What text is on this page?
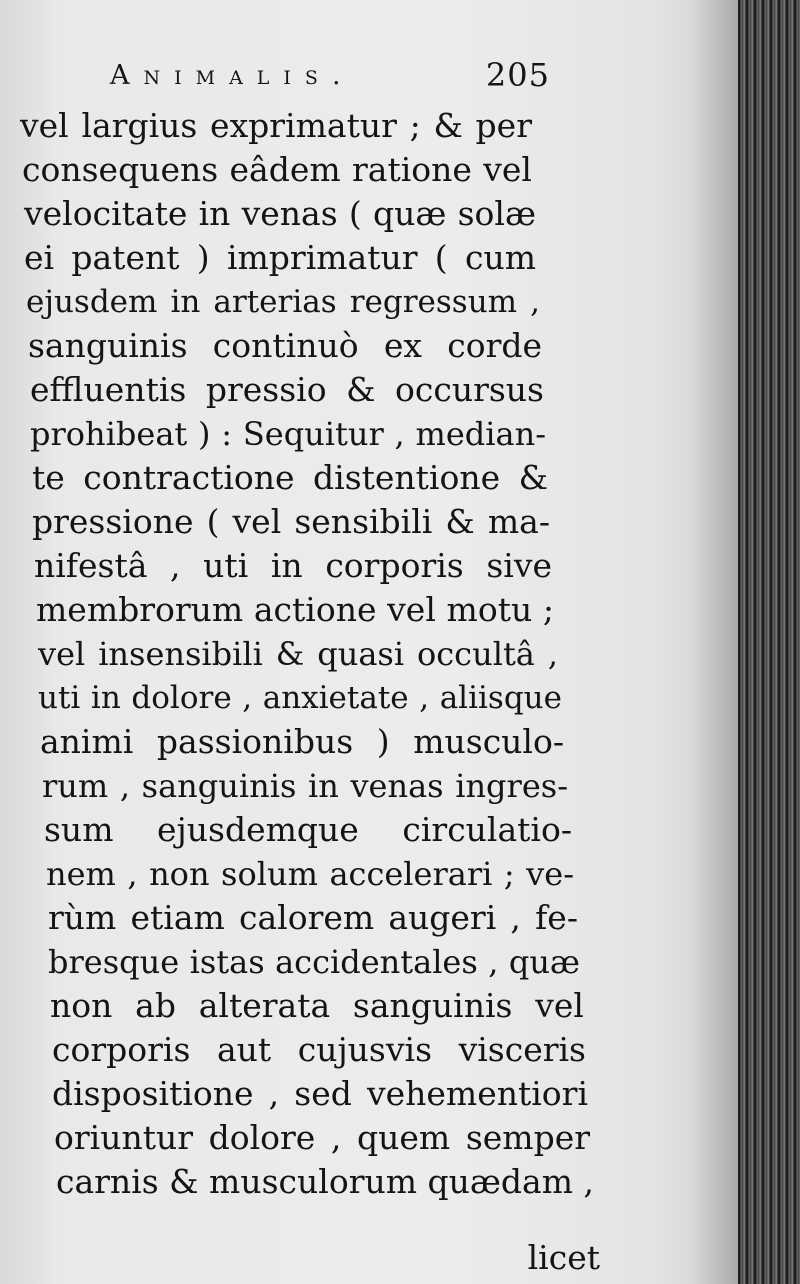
Animalis.	205
vel largius exprimatur ; & per
consequens eâdem ratione vel
velocitate in venas ( quæ solæ
ei patent ) imprimatur ( cum
ejusdem in arterias regressum ,
sanguinis continuò ex corde
effluentis pressio & occursus
prohibeat ) : Sequitur , median-
te contractione distentione &
pressione ( vel sensibili & ma-
nifestâ , uti in corporis sive
membrorum actione vel motu ;
vel insensibili & quasi occultâ ,
uti in dolore , anxietate , aliisque
animi passionibus ) musculo-
rum , sanguinis in venas ingres-
sum ejusdemque circulatio-
nem , non solum accelerari ; ve-
rùm etiam calorem augeri , fe-
bresque istas accidentales , quæ
non ab alterata sanguinis vel
corporis aut cujusvis visceris
dispositione , sed vehementiori
oriuntur dolore , quem semper
carnis & musculorum quædam ,
licet
